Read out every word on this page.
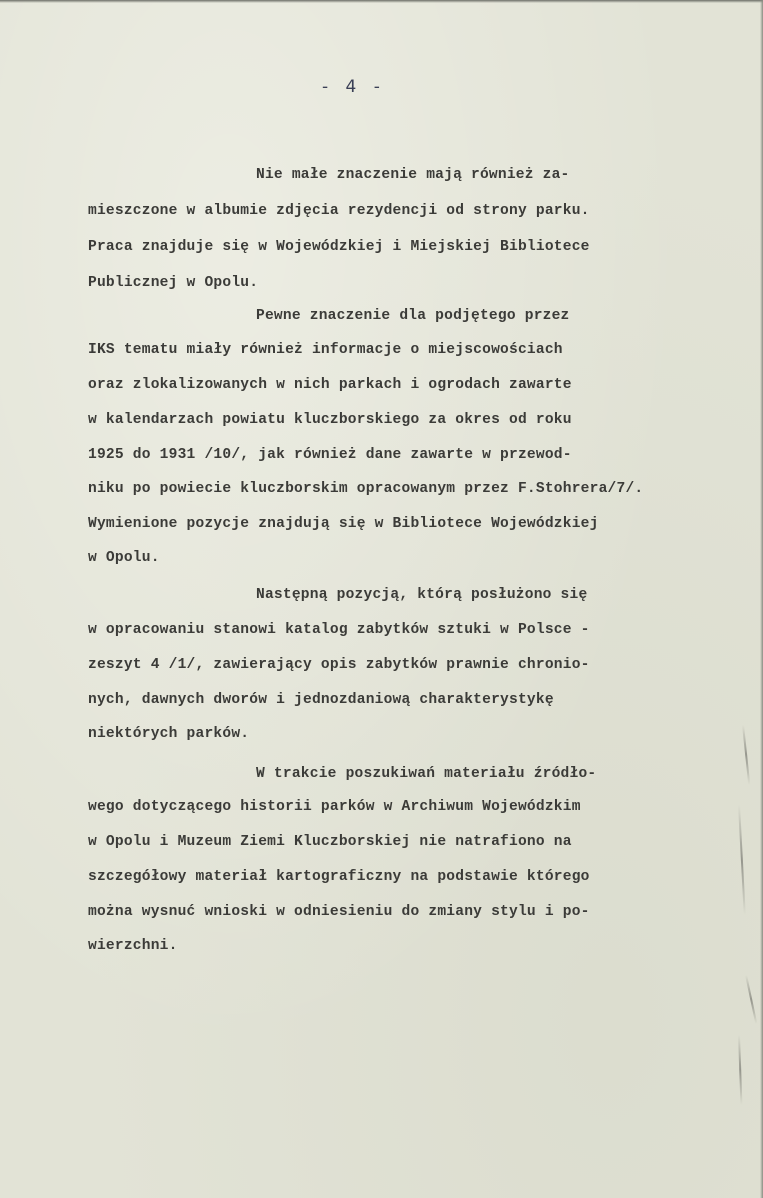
- 4 -
Nie małe znaczenie mają również za-
mieszczone w albumie zdjęcia rezydencji od strony parku.
Praca znajduje się w Wojewódzkiej i Miejskiej Bibliotece
Publicznej w Opolu.
Pewne znaczenie dla podjętego przez
IKS tematu miały również informacje o miejscowościach
oraz zlokalizowanych w nich parkach i ogrodach zawarte
w kalendarzach powiatu kluczborskiego za okres od roku
1925 do 1931 /10/, jak również dane zawarte w przewod-
niku po powiecie kluczborskim opracowanym przez F.Stohrera/7/.
Wymienione pozycje znajdują się w Bibliotece Wojewódzkiej
w Opolu.
Następną pozycją, którą posłużono się
w opracowaniu stanowi katalog zabytków sztuki w Polsce -
zeszyt 4 /1/, zawierający opis zabytków prawnie chronio-
nych, dawnych dworów i jednozdaniową charakterystykę
niektórych parków.
W trakcie poszukiwań materiału źródło-
wego dotyczącego historii parków w Archiwum Wojewódzkim
w Opolu i Muzeum Ziemi Kluczborskiej nie natrafiono na
szczegółowy materiał kartograficzny na podstawie którego
można wysnuć wnioski w odniesieniu do zmiany stylu i po-
wierzchni.
